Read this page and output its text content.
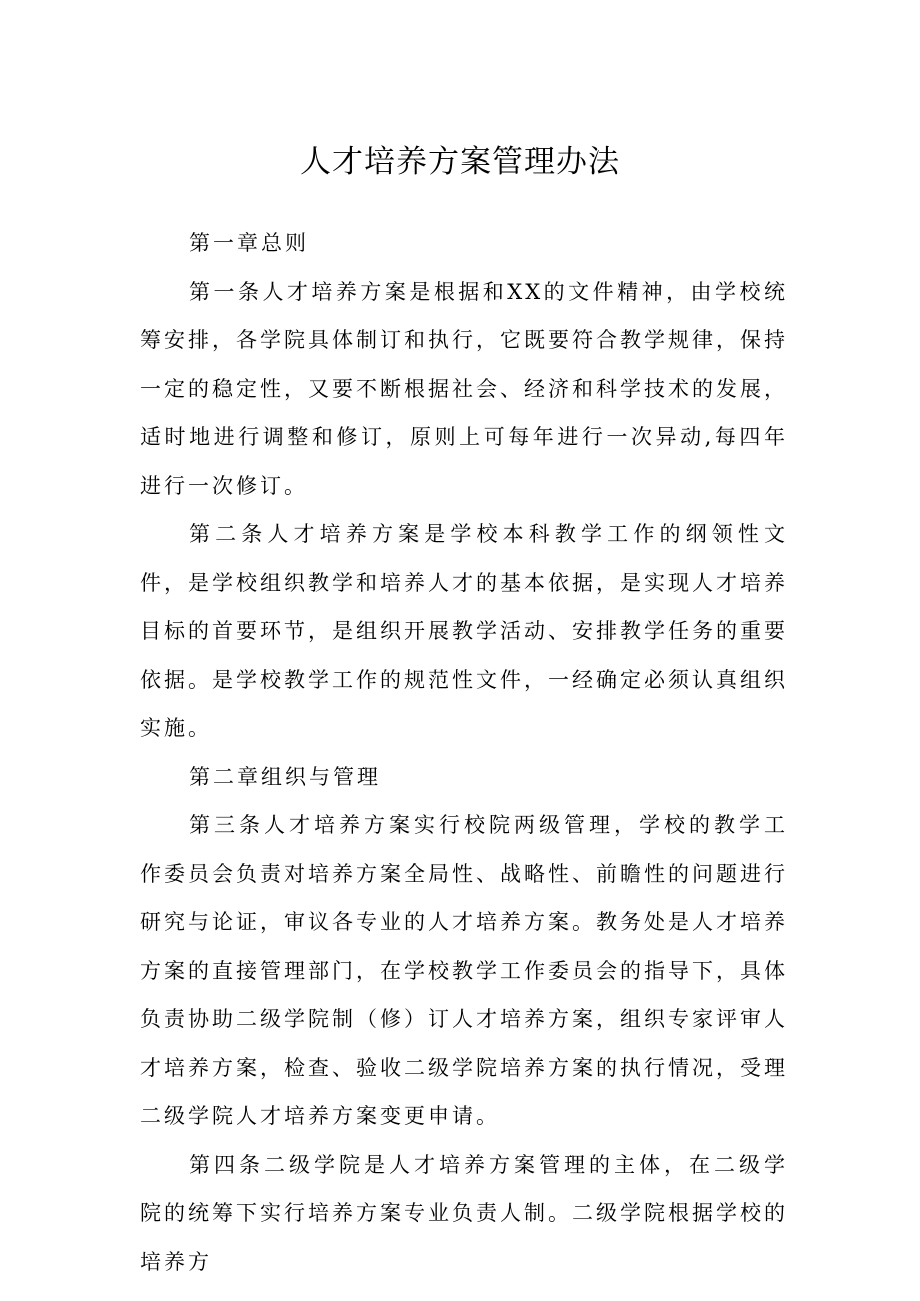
人才培养方案管理办法

第一章总则

第一条人才培养方案是根据和XX的文件精神，由学校统筹安排，各学院具体制订和执行，它既要符合教学规律，保持一定的稳定性，又要不断根据社会、经济和科学技术的发展，适时地进行调整和修订，原则上可每年进行一次异动,每四年进行一次修订。

第二条人才培养方案是学校本科教学工作的纲领性文件，是学校组织教学和培养人才的基本依据，是实现人才培养目标的首要环节，是组织开展教学活动、安排教学任务的重要依据。是学校教学工作的规范性文件，一经确定必须认真组织实施。

第二章组织与管理

第三条人才培养方案实行校院两级管理，学校的教学工作委员会负责对培养方案全局性、战略性、前瞻性的问题进行研究与论证，审议各专业的人才培养方案。教务处是人才培养方案的直接管理部门，在学校教学工作委员会的指导下，具体负责协助二级学院制（修）订人才培养方案，组织专家评审人才培养方案，检查、验收二级学院培养方案的执行情况，受理二级学院人才培养方案变更申请。

第四条二级学院是人才培养方案管理的主体，在二级学院的统筹下实行培养方案专业负责人制。二级学院根据学校的培养方
